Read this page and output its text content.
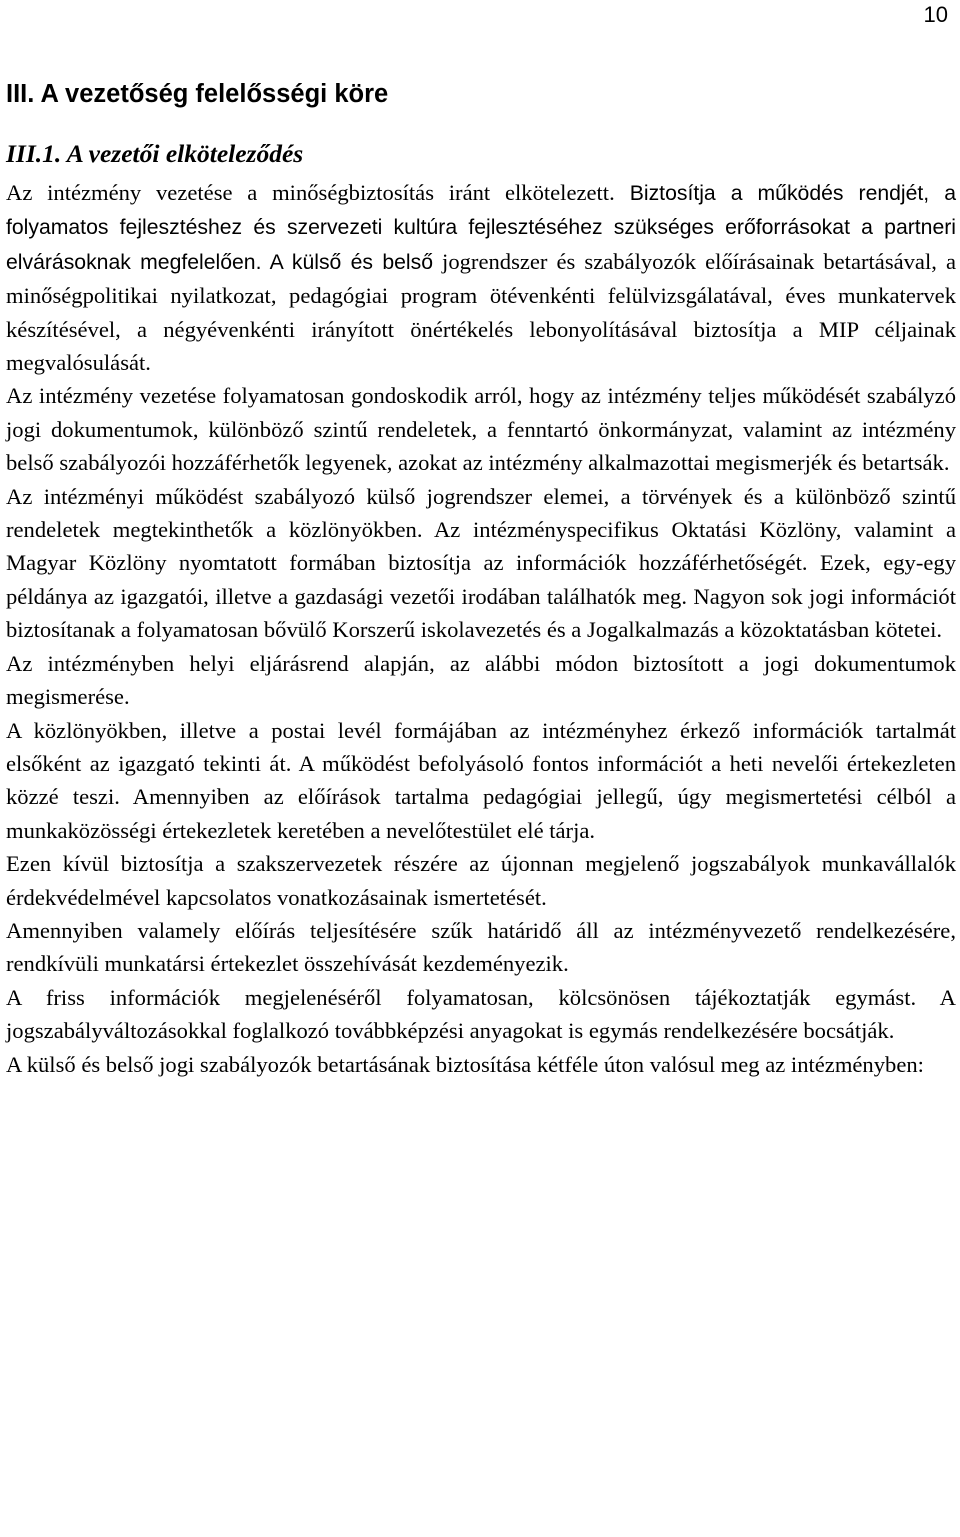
10
III. A vezetőség felelősségi köre
III.1. A vezetői elköteleződés

Az intézmény vezetése a minőségbiztosítás iránt elkötelezett. Biztosítja a működés rendjét, a folyamatos fejlesztéshez és szervezeti kultúra fejlesztéséhez szükséges erőforrásokat a partneri elvárásoknak megfelelően. A külső és belső jogrendszer és szabályozók előírásainak betartásával, a minőségpolitikai nyilatkozat, pedagógiai program ötévenkénti felülvizsgálatával, éves munkatervek készítésével, a négyévenkénti irányított önértékelés lebonyolításával biztosítja a MIP céljainak megvalósulását.

Az intézmény vezetése folyamatosan gondoskodik arról, hogy az intézmény teljes működését szabályzó jogi dokumentumok, különböző szintű rendeletek, a fenntartó önkormányzat, valamint az intézmény belső szabályozói hozzáférhetők legyenek, azokat az intézmény alkalmazottai megismerjék és betartsák.

Az intézményi működést szabályozó külső jogrendszer elemei, a törvények és a különböző szintű rendeletek megtekinthetők a közlönyökben. Az intézményspecifikus Oktatási Közlöny, valamint a Magyar Közlöny nyomtatott formában biztosítja az információk hozzáférhetőségét. Ezek, egy-egy példánya az igazgatói, illetve a gazdasági vezetői irodában találhatók meg. Nagyon sok jogi információt biztosítanak a folyamatosan bővülő Korszerű iskolavezetés és a Jogalkalmazás a közoktatásban kötetei.

Az intézményben helyi eljárásrend alapján, az alábbi módon biztosított a jogi dokumentumok megismerése.

A közlönyökben, illetve a postai levél formájában az intézményhez érkező információk tartalmát elsőként az igazgató tekinti át. A működést befolyásoló fontos információt a heti nevelői értekezleten közzé teszi. Amennyiben az előírások tartalma pedagógiai jellegű, úgy megismertetési célból a munkaközösségi értekezletek keretében a nevelőtestület elé tárja.

Ezen kívül biztosítja a szakszervezetek részére az újonnan megjelenő jogszabályok munkavállalók érdekvédelmével kapcsolatos vonatkozásainak ismertetését.

Amennyiben valamely előírás teljesítésére szűk határidő áll az intézményvezető rendelkezésére, rendkívüli munkatársi értekezlet összehívását kezdeményezik.

A friss információk megjelenéséről folyamatosan, kölcsönösen tájékoztatják egymást. A jogszabályváltozásokkal foglalkozó továbbképzési anyagokat is egymás rendelkezésére bocsátják.

A külső és belső jogi szabályozók betartásának biztosítása kétféle úton valósul meg az intézményben:
